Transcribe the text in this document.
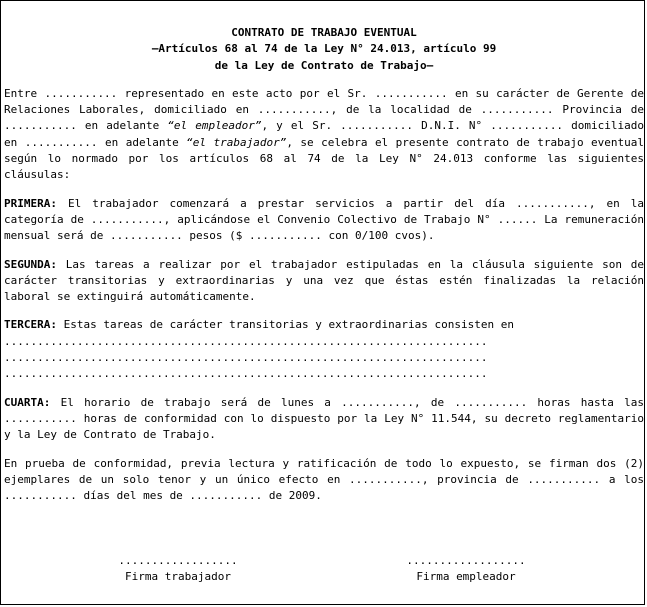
CONTRATO DE TRABAJO EVENTUAL

—Artículos 68 al 74 de la Ley N° 24.013, artículo 99

de la Ley de Contrato de Trabajo—

Entre ........... representado en este acto por el Sr. ........... en su carácter de Gerente de Relaciones Laborales, domiciliado en ..........., de la localidad de ........... Provincia de ........... en adelante “el empleador”, y el Sr. ........... D.N.I. N° ........... domiciliado en ........... en adelante “el trabajador”, se celebra el presente contrato de trabajo eventual según lo normado por los artículos 68 al 74 de la Ley N° 24.013 conforme las siguientes cláusulas:

PRIMERA: El trabajador comenzará a prestar servicios a partir del día ..........., en la categoría de ..........., aplicándose el Convenio Colectivo de Trabajo N° ...... La remuneración mensual será de ........... pesos ($ ........... con 0/100 cvos).

SEGUNDA: Las tareas a realizar por el trabajador estipuladas en la cláusula siguiente son de carácter transitorias y extraordinarias y una vez que éstas estén finalizadas la relación laboral se extinguirá automáticamente.

TERCERA: Estas tareas de carácter transitorias y extraordinarias consisten en
.........................................................................
.........................................................................
.........................................................................

CUARTA: El horario de trabajo será de lunes a ..........., de ........... horas hasta las ........... horas de conformidad con lo dispuesto por la Ley N° 11.544, su decreto reglamentario y la Ley de Contrato de Trabajo.

En prueba de conformidad, previa lectura y ratificación de todo lo expuesto, se firman dos (2) ejemplares de un solo tenor y un único efecto en ..........., provincia de ........... a los ........... días del mes de ........... de 2009.

..................
Firma trabajador
..................
Firma empleador
